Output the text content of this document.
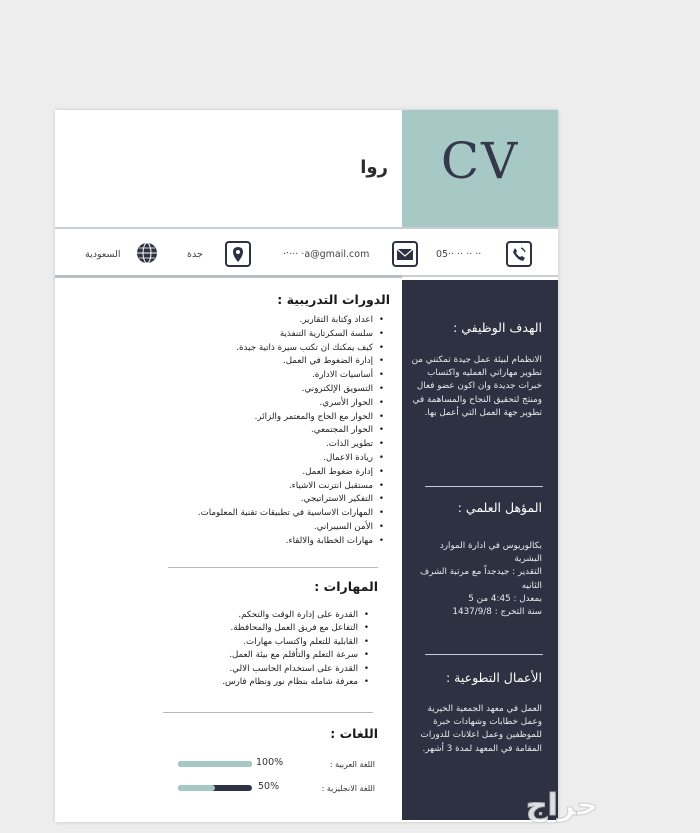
CV
روا
05·· ·· ·· ··
·ˑ··· ·a@gmail.com
جدة
السعودية
الهدف الوظيفي :
الانظمام لبيئة عمل جيدة تمكنني من تطوير مهاراتي العمليه واكتساب خبرات جديدة وان اكون عضو فعال ومنتج لتحقيق النجاح والمساهمة في تطوير جهة العمل التي أعمل بها.
المؤهل العلمي :
بكالوريوس في ادارة الموارد البشرية
التقدير : جيدجداً مع مرتبة الشرف الثانيه
بمعدل : 4:45 من 5
سنة التخرج : 1437/9/8
الأعمال التطوعية :
العمل في معهد الجمعية الخيرية وعمل خطابات وشهادات خبرة للموظفين وعمل اعلانات للدورات المقامة في المعهد لمدة 3 أشهر.
الدورات التدريبية :
• اعداد وكتابة التقارير.
• سلسة السكرتارية التنفذية
• كيف يمكنك ان تكتب سيرة ذاتية جيدة.
• إدارة الضغوط في العمل.
• أساسيات الادارة.
• التسويق الإلكتروني.
• الحوار الأسري.
• الحوار مع الحاج والمعتمر والزائر.
• الحوار المجتمعي.
• تطوير الذات.
• ريادة الاعمال.
• إدارة ضغوط العمل.
• مستقبل انترنت الاشياء.
• التفكير الاستراتيجي.
• المهارات الاساسية في تطبيقات تقنية المعلومات.
• الأمن السيبراني.
• مهارات الخطابة والالقاء.
المهارات :
• القدرة على إدارة الوقت والتحكم.
• التفاعل مع فريق العمل والمحافظة.
• القابلية للتعلم واكتساب مهارات.
• سرعة التعلم والتأقلم مع بيئة العمل.
• القدرة على استخدام الحاسب الالي.
• معرفة شامله بنظام نور ونظام فارس.
اللغات :
اللغة العربية :
100%
اللغة الانجليزية :
50%
حراج
